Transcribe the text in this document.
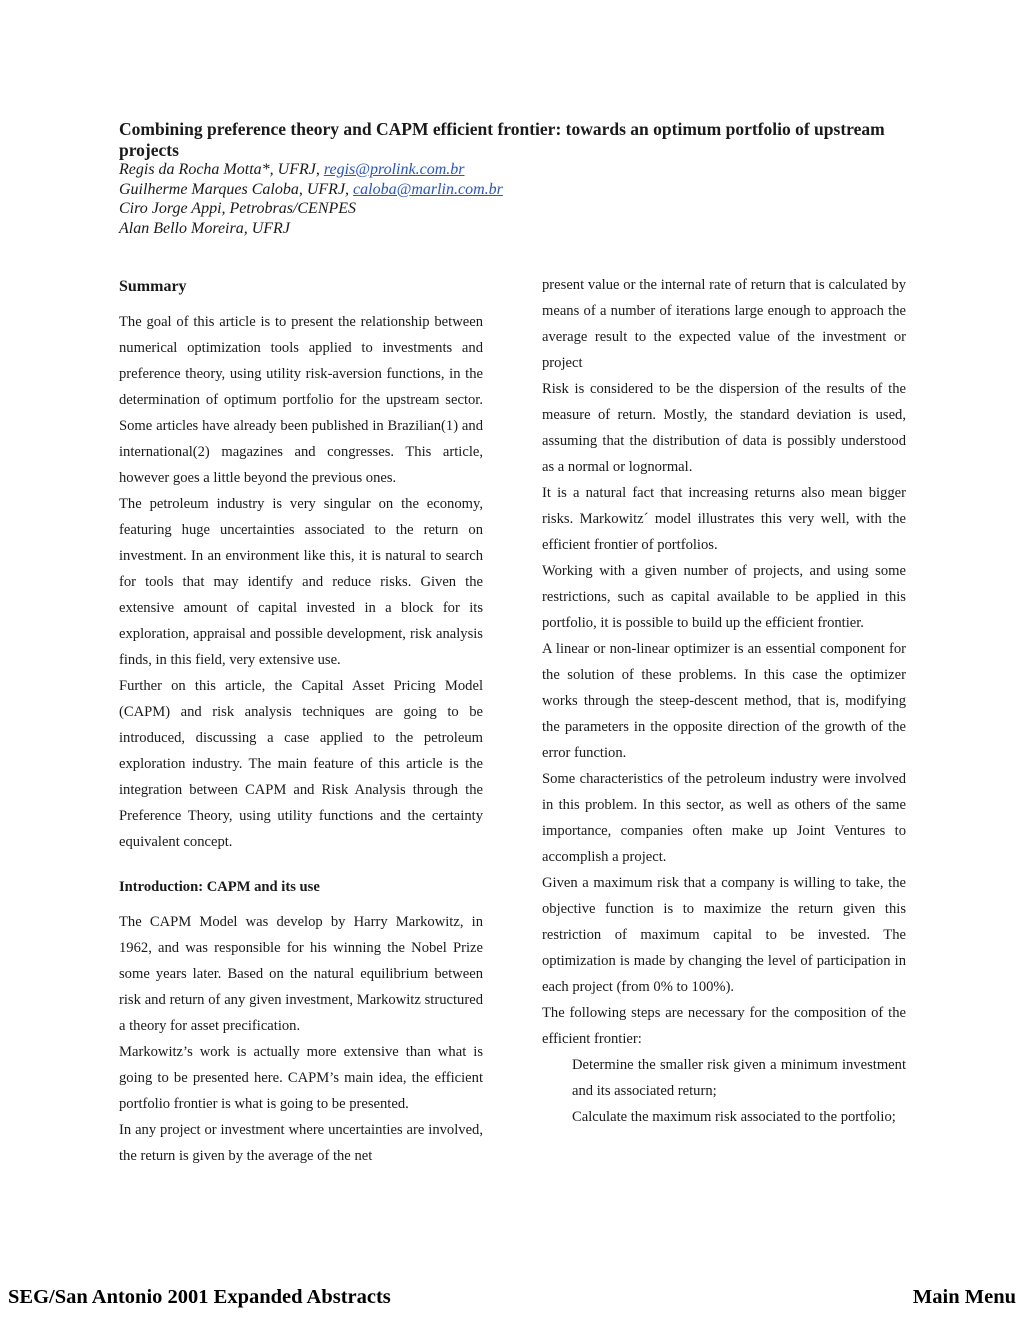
Combining preference theory and CAPM efficient frontier: towards an optimum portfolio of upstream projects
Regis da Rocha Motta*, UFRJ, regis@prolink.com.br
Guilherme Marques Caloba, UFRJ, caloba@marlin.com.br
Ciro Jorge Appi, Petrobras/CENPES
Alan Bello Moreira, UFRJ
Summary

The goal of this article is to present the relationship between numerical optimization tools applied to investments and preference theory, using utility risk-aversion functions, in the determination of optimum portfolio for the upstream sector. Some articles have already been published in Brazilian(1) and international(2) magazines and congresses. This article, however goes a little beyond the previous ones.

The petroleum industry is very singular on the economy, featuring huge uncertainties associated to the return on investment. In an environment like this, it is natural to search for tools that may identify and reduce risks. Given the extensive amount of capital invested in a block for its exploration, appraisal and possible development, risk analysis finds, in this field, very extensive use.

Further on this article, the Capital Asset Pricing Model (CAPM) and risk analysis techniques are going to be introduced, discussing a case applied to the petroleum exploration industry. The main feature of this article is the integration between CAPM and Risk Analysis through the Preference Theory, using utility functions and the certainty equivalent concept.

Introduction: CAPM and its use

The CAPM Model was develop by Harry Markowitz, in 1962, and was responsible for his winning the Nobel Prize some years later. Based on the natural equilibrium between risk and return of any given investment, Markowitz structured a theory for asset precification.

Markowitz’s work is actually more extensive than what is going to be presented here. CAPM’s main idea, the efficient portfolio frontier is what is going to be presented.

In any project or investment where uncertainties are involved, the return is given by the average of the net

present value or the internal rate of return that is calculated by means of a number of iterations large enough to approach the average result to the expected value of the investment or project

Risk is considered to be the dispersion of the results of the measure of return. Mostly, the standard deviation is used, assuming that the distribution of data is possibly understood as a normal or lognormal.

It is a natural fact that increasing returns also mean bigger risks. Markowitz´ model illustrates this very well, with the efficient frontier of portfolios.

Working with a given number of projects, and using some restrictions, such as capital available to be applied in this portfolio, it is possible to build up the efficient frontier.

A linear or non-linear optimizer is an essential component for the solution of these problems. In this case the optimizer works through the steep-descent method, that is, modifying the parameters in the opposite direction of the growth of the error function.

Some characteristics of the petroleum industry were involved in this problem. In this sector, as well as others of the same importance, companies often make up Joint Ventures to accomplish a project.

Given a maximum risk that a company is willing to take, the objective function is to maximize the return given this restriction of maximum capital to be invested. The optimization is made by changing the level of participation in each project (from 0% to 100%).

The following steps are necessary for the composition of the efficient frontier:

Determine the smaller risk given a minimum investment and its associated return;
Calculate the maximum risk associated to the portfolio;
SEG/San Antonio 2001 Expanded Abstracts	Main Menu
